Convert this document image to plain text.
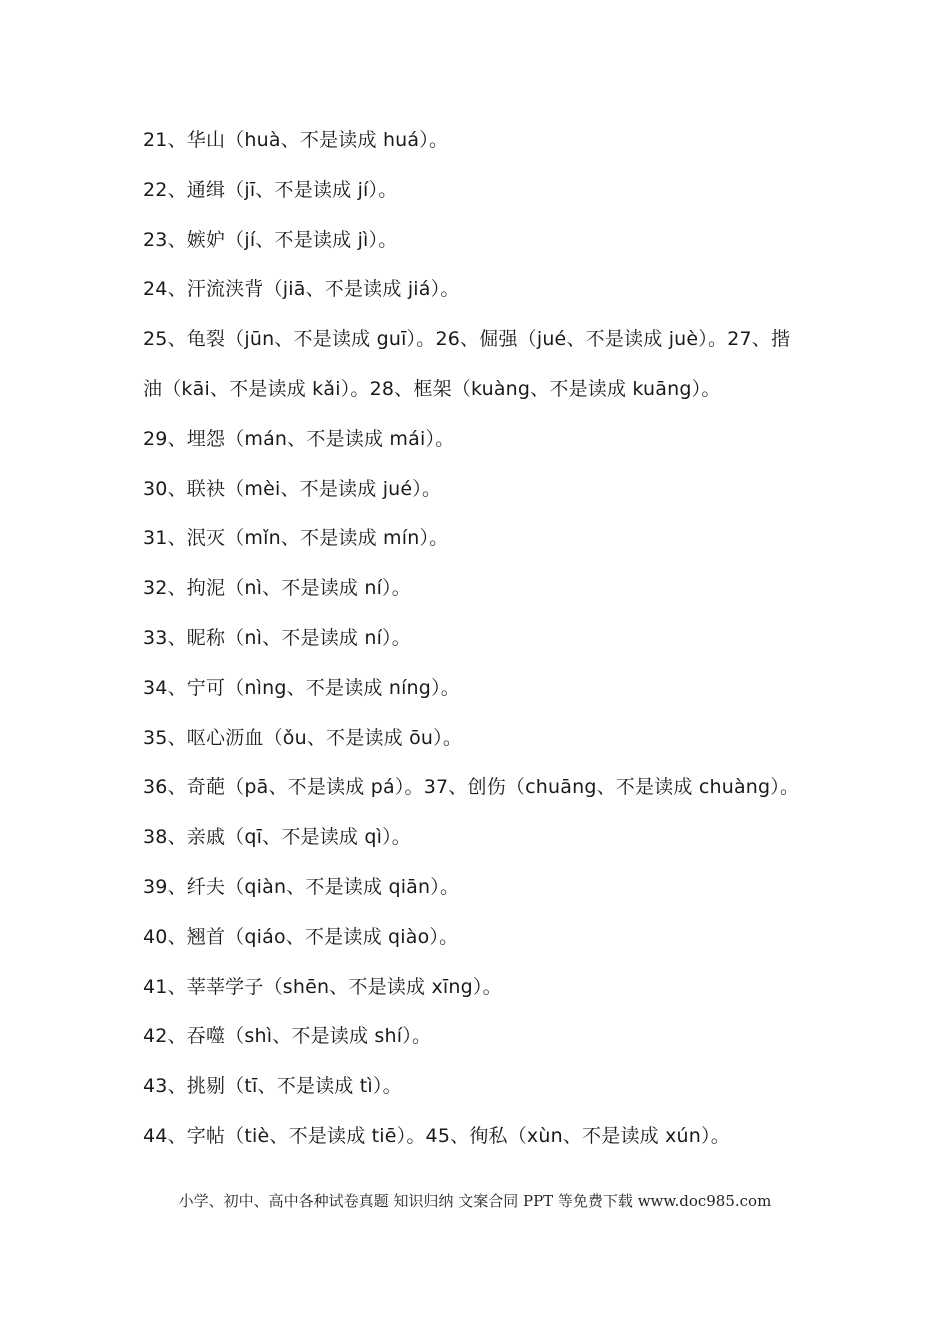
21、华山（huà、不是读成 huá）。
22、通缉（jī、不是读成 jí）。
23、嫉妒（jí、不是读成 jì）。
24、汗流浃背（jiā、不是读成 jiá）。
25、龟裂（jūn、不是读成 guī）。26、倔强（jué、不是读成 juè）。27、揩
油（kāi、不是读成 kǎi）。28、框架（kuàng、不是读成 kuāng）。
29、埋怨（mán、不是读成 mái）。
30、联袂（mèi、不是读成 jué）。
31、泯灭（mǐn、不是读成 mín）。
32、拘泥（nì、不是读成 ní）。
33、昵称（nì、不是读成 ní）。
34、宁可（nìng、不是读成 níng）。
35、呕心沥血（ǒu、不是读成 ōu）。
36、奇葩（pā、不是读成 pá）。37、创伤（chuāng、不是读成 chuàng）。
38、亲戚（qī、不是读成 qì）。
39、纤夫（qiàn、不是读成 qiān）。
40、翘首（qiáo、不是读成 qiào）。
41、莘莘学子（shēn、不是读成 xīng）。
42、吞噬（shì、不是读成 shí）。
43、挑剔（tī、不是读成 tì）。
44、字帖（tiè、不是读成 tiē）。45、徇私（xùn、不是读成 xún）。
小学、初中、高中各种试卷真题 知识归纳 文案合同 PPT 等免费下载 www.doc985.com
